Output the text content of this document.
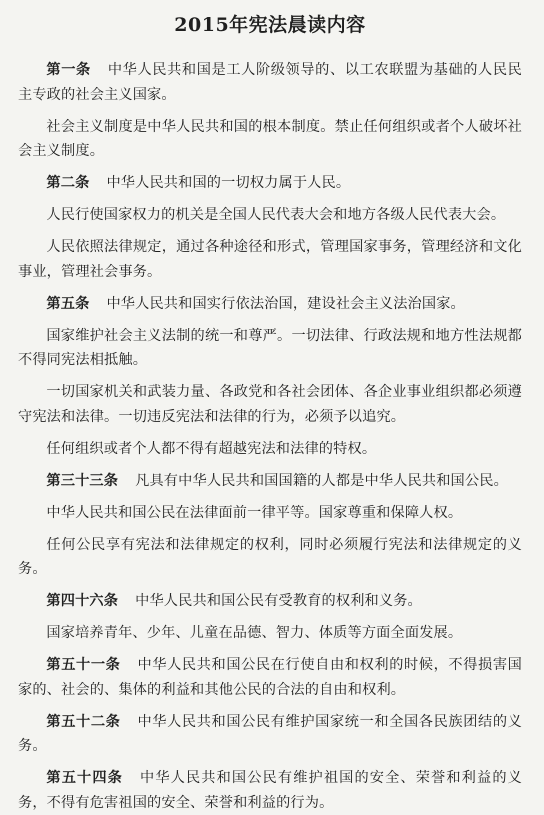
2015年宪法晨读内容

第一条 中华人民共和国是工人阶级领导的、以工农联盟为基础的人民民主专政的社会主义国家。

社会主义制度是中华人民共和国的根本制度。禁止任何组织或者个人破坏社会主义制度。

第二条 中华人民共和国的一切权力属于人民。

人民行使国家权力的机关是全国人民代表大会和地方各级人民代表大会。

人民依照法律规定，通过各种途径和形式，管理国家事务，管理经济和文化事业，管理社会事务。

第五条 中华人民共和国实行依法治国，建设社会主义法治国家。

国家维护社会主义法制的统一和尊严。一切法律、行政法规和地方性法规都不得同宪法相抵触。

一切国家机关和武装力量、各政党和各社会团体、各企业事业组织都必须遵守宪法和法律。一切违反宪法和法律的行为，必须予以追究。

任何组织或者个人都不得有超越宪法和法律的特权。

第三十三条 凡具有中华人民共和国国籍的人都是中华人民共和国公民。

中华人民共和国公民在法律面前一律平等。国家尊重和保障人权。

任何公民享有宪法和法律规定的权利，同时必须履行宪法和法律规定的义务。

第四十六条 中华人民共和国公民有受教育的权利和义务。

国家培养青年、少年、儿童在品德、智力、体质等方面全面发展。

第五十一条 中华人民共和国公民在行使自由和权利的时候，不得损害国家的、社会的、集体的利益和其他公民的合法的自由和权利。

第五十二条 中华人民共和国公民有维护国家统一和全国各民族团结的义务。

第五十四条 中华人民共和国公民有维护祖国的安全、荣誉和利益的义务，不得有危害祖国的安全、荣誉和利益的行为。
